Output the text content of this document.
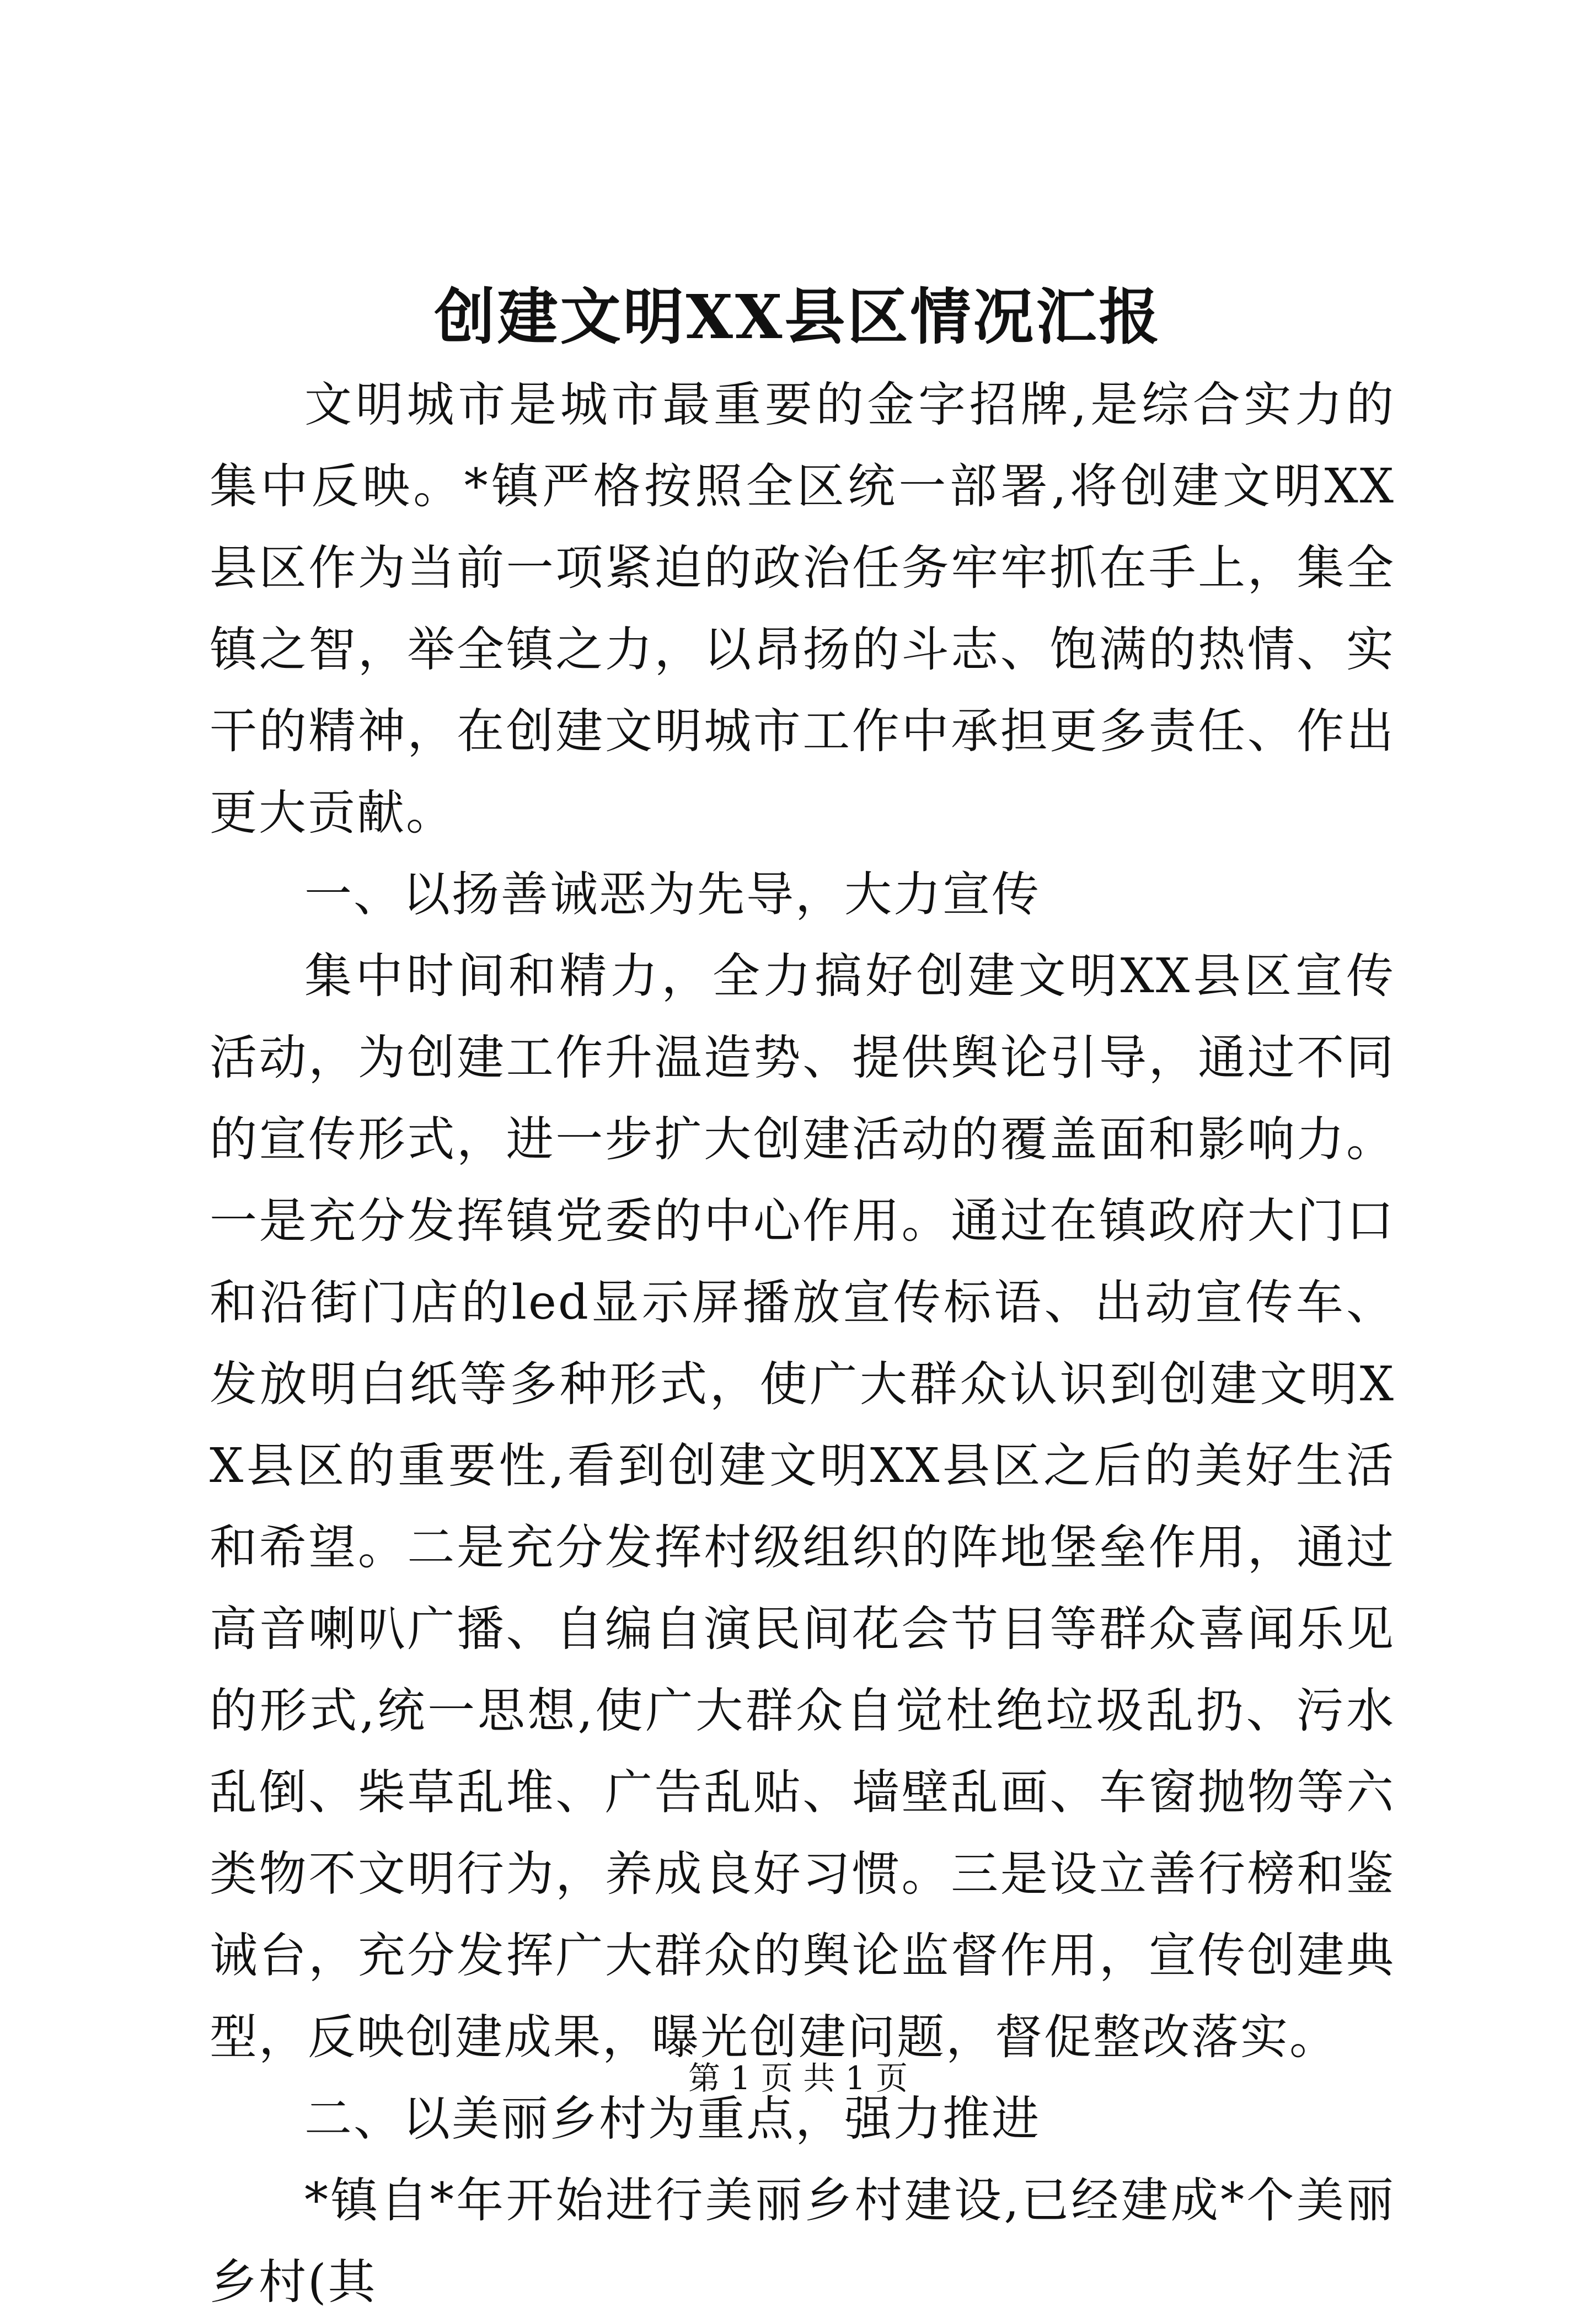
创建文明XX县区情况汇报

文明城市是城市最重要的金字招牌,是综合实力的集中反映。*镇严格按照全区统一部署,将创建文明XX县区作为当前一项紧迫的政治任务牢牢抓在手上，集全镇之智，举全镇之力，以昂扬的斗志、饱满的热情、实干的精神，在创建文明城市工作中承担更多责任、作出更大贡献。

一、以扬善诫恶为先导，大力宣传

集中时间和精力，全力搞好创建文明XX县区宣传活动，为创建工作升温造势、提供舆论引导，通过不同的宣传形式，进一步扩大创建活动的覆盖面和影响力。一是充分发挥镇党委的中心作用。通过在镇政府大门口和沿街门店的led显示屏播放宣传标语、出动宣传车、发放明白纸等多种形式，使广大群众认识到创建文明XX县区的重要性,看到创建文明XX县区之后的美好生活和希望。二是充分发挥村级组织的阵地堡垒作用，通过高音喇叭广播、自编自演民间花会节目等群众喜闻乐见的形式,统一思想,使广大群众自觉杜绝垃圾乱扔、污水乱倒、柴草乱堆、广告乱贴、墙壁乱画、车窗抛物等六类物不文明行为，养成良好习惯。三是设立善行榜和鉴诫台，充分发挥广大群众的舆论监督作用，宣传创建典型，反映创建成果，曝光创建问题，督促整改落实。

二、以美丽乡村为重点，强力推进

*镇自*年开始进行美丽乡村建设,已经建成*个美丽乡村(其

第 1 页 共 1 页
